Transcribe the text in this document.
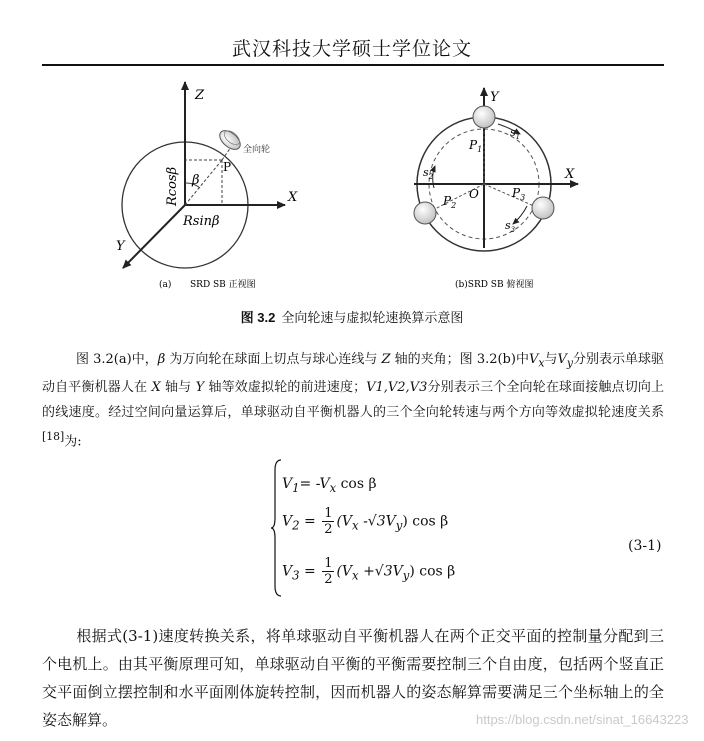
武汉科技大学硕士学位论文
Z
X
Y
β
P
全向轮
Rcosβ
Rsinβ
(a) SRD SB 正视图
Y
X
O
$P_1$
$P_2$
$P_3$
$s_1$
$s_2$
$s_3$
(b)SRD SB 俯视图
图 3.2 全向轮速与虚拟轮速换算示意图
图 3.2(a)中，β 为万向轮在球面上切点与球心连线与 Z 轴的夹角；图 3.2(b)中$V_x$与$V_y$分别表示单球驱动自平衡机器人在 X 轴与 Y 轴等效虚拟轮的前进速度；V1,V2,V3分别表示三个全向轮在球面接触点切向上的线速度。经过空间向量运算后，单球驱动自平衡机器人的三个全向轮转速与两个方向等效虚拟轮速度关系[18]为:
$V_1= -V_x$ cos β
$V_2 = \frac{1}{2} (V_x$ $-√3V_y$) cos β
$V_3 = \frac{1}{2} (V_x +√3V_y)$ cos β
(3-1)
根据式(3-1)速度转换关系，将单球驱动自平衡机器人在两个正交平面的控制量分配到三个电机上。由其平衡原理可知，单球驱动自平衡的平衡需要控制三个自由度，包括两个竖直正交平面倒立摆控制和水平面刚体旋转控制，因而机器人的姿态解算需要满足三个坐标轴上的全姿态解算。	https://blog.csdn.net/sinat_16643223
